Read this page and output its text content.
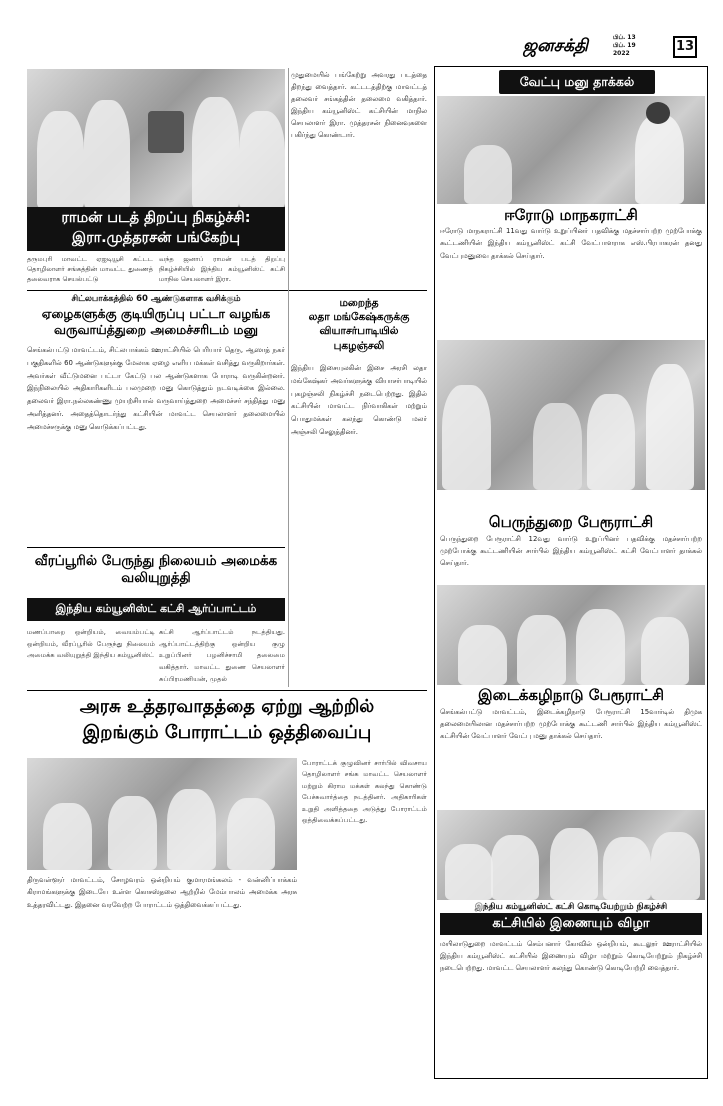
ஜனசக்தி	பிப். 13
பிப். 19
2022	13
ராமன் படத் திறப்பு நிகழ்ச்சி:
இரா.முத்தரசன் பங்கேற்பு
தருமபுரி மாவட்ட ஏஐடியூசி கட்டட தொழிலாளர் சங்கத்தின் மாவட்ட துணைத் தலைவராக செயல்பட்டு
வந்த ஜனாப் ராமன் படத் திறப்பு நிகழ்ச்சியில் இந்திய கம்யூனிஸ்ட் கட்சி மாநில செயலாளர் இரா.
சிட்லபாக்கத்தில் 60 ஆண்டுகளாக வசிக்கும்
ஏழைகளுக்கு குடியிருப்பு பட்டா வழங்க
வருவாய்த்துறை அமைச்சரிடம் மனு
செங்கல்பட்டு மாவட்டம், சிட்லபாக்கம் ஊராட்சியில் பெரியார் தெரு, ஆஸாத் நகர் பகுதிகளில் 60 ஆண்டுகளுக்கு மேலாக ஏழை எளிய மக்கள் வசித்து வருகிறார்கள். அவர்கள் வீட்டுமனை பட்டா கேட்டு பல ஆண்டுகளாக போராடி வருகின்றனர். இந்நிலையில் அதிகாரிகளிடம் பலமுறை மனு கொடுத்தும் நடவடிக்கை இல்லை. தலைவர் இரா.நல்லகண்ணு முயற்சியால் வருவாய்த்துறை அமைச்சர் சந்தித்து மனு அளித்தனர். அதைத்தொடர்ந்து கட்சியின் மாவட்ட செயலாளர் தலைமையில் அமைச்சருக்கு மனு கொடுக்கப்பட்டது.
வீரப்பூரில் பேருந்து நிலையம் அமைக்க வலியுறுத்தி
இந்திய கம்யூனிஸ்ட் கட்சி ஆர்ப்பாட்டம்
மணப்பாறை ஒன்றியம், வையம்பட்டி ஒன்றியம், வீரப்பூரில் பேருந்து நிலையம் அமைக்க வலியுறுத்தி இந்திய கம்யூனிஸ்ட்
கட்சி ஆர்ப்பாட்டம் நடத்தியது. ஆர்ப்பாட்டத்திற்கு ஒன்றிய குழு உறுப்பினர் பழனிச்சாமி தலைமை வகித்தார். மாவட்ட துணை செயலாளர் சுப்பிரமணியன், முதல்
முதுமையில் பங்கேற்று அவரது படத்தை திறந்து வைத்தார். கட்டடத்திற்கு மாவட்டத் தலைவர் சங்கத்தின் தலைமை வகித்தார். இந்திய கம்யூனிஸ்ட் கட்சியின் மாநில செயலாளர் இரா. முத்தரசன் நினைவுகளை பகிர்ந்து கொண்டார்.
மறைந்த
லதா மங்கேஷ்கருக்கு
வியாசர்பாடியில்
புகழஞ்சலி
இந்திய இசையுலகின் இசை அரசி லதா மங்கேஷ்கர் அவர்களுக்கு வியாசர்பாடியில் புகழஞ்சலி நிகழ்ச்சி நடைபெற்றது. இதில் கட்சியின் மாவட்ட நிர்வாகிகள் மற்றும் பொதுமக்கள் கலந்து கொண்டு மலர் அஞ்சலி செலுத்தினர்.
அரசு உத்தரவாதத்தை ஏற்று ஆற்றில்
இறங்கும் போராட்டம் ஒத்திவைப்பு
போராட்டக் குழுவினர் சார்பில் விவசாய தொழிலாளர் சங்க மாவட்ட செயலாளர் மற்றும் கிராம மக்கள் கலந்து கொண்டு பேச்சுவார்த்தை நடத்தினர். அதிகாரிகள் உறுதி அளித்ததை அடுத்து போராட்டம் ஒத்திவைக்கப்பட்டது.
திருவள்ளூர் மாவட்டம், சோழவரம் ஒன்றியம் குமாரமங்கலம் - வன்னிப்பாக்கம் கிராமங்களுக்கு இடையே உள்ள கொசஸ்தலை ஆற்றில் மேம்பாலம் அமைக்க அரசு உத்தரவிட்டது. இதனை வரவேற்ற போராட்டம் ஒத்திவைக்கப்பட்டது.
வேட்பு மனு தாக்கல்
ஈரோடு மாநகராட்சி
ஈரோடு மாநகராட்சி 11வது வார்டு உறுப்பினர் பதவிக்கு மதச்சார்பற்ற முற்போக்கு கூட்டணியின் இந்திய கம்யூனிஸ்ட் கட்சி வேட்பாளராக எஸ்.பிரபாகரன் தனது வேட்புமனுவை தாக்கல் செய்தார்.
பெருந்துறை பேரூராட்சி
பெருந்துறை பேரூராட்சி 12வது வார்டு உறுப்பினர் பதவிக்கு மதச்சார்பற்ற முற்போக்கு கூட்டணியின் சார்பில் இந்திய கம்யூனிஸ்ட் கட்சி வேட்பாளர் தாக்கல் செய்தார்.
இடைக்கழிநாடு பேரூராட்சி
செங்கல்பட்டு மாவட்டம், இடைக்கழிநாடு பேரூராட்சி 15வார்டில் திமுக தலைமையிலான மதச்சார்பற்ற முற்போக்கு கூட்டணி சார்பில் இந்திய கம்யூனிஸ்ட் கட்சியின் வேட்பாளர் வேட்பு மனு தாக்கல் செய்தார்.
இந்திய கம்யூனிஸ்ட் கட்சி கொடியேற்றும் நிகழ்ச்சி
கட்சியில் இணையும் விழா
மயிலாடுதுறை மாவட்டம் செம்பனார் கோவில் ஒன்றியம், கூடலூர் ஊராட்சியில் இந்திய கம்யூனிஸ்ட் கட்சியில் இணையும் விழா மற்றும் கொடியேற்றும் நிகழ்ச்சி நடைபெற்றது. மாவட்ட செயலாளர் கலந்து கொண்டு கொடியேற்றி வைத்தார்.
